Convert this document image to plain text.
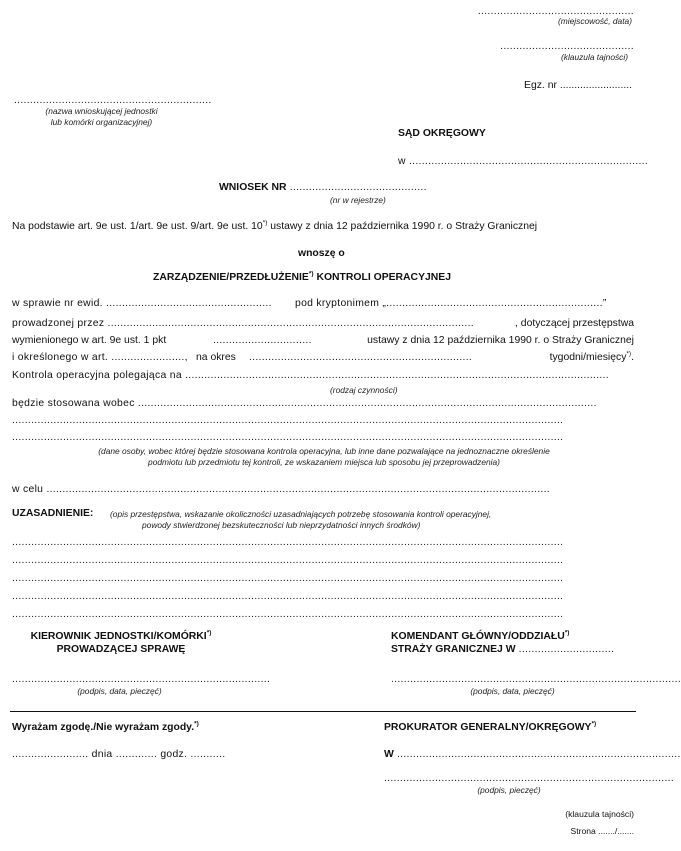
.................................................
(miejscowość, data)
..........................................
(klauzula tajności)
Egz. nr .........................
..............................................................
(nazwa wnioskującej jednostki
lub komórki organizacyjnej)
SĄD OKRĘGOWY
w ...........................................................................
WNIOSEK NR ...........................................
(nr w rejestrze)
Na podstawie art. 9e ust. 1/art. 9e ust. 9/art. 9e ust. 10*) ustawy z dnia 12 października 1990 r. o Straży Granicznej
wnoszę o
ZARZĄDZENIE/PRZEDŁUŻENIE*) KONTROLI OPERACYJNEJ
w sprawie nr ewid. .................................................... pod kryptonimem „....................................................................”
prowadzonej przez ...................................................................................................................	, dotyczącej przestępstwa
wymienionego w art. 9e ust. 1 pkt	...............................	ustawy z dnia 12 października 1990 r. o Straży Granicznej
i określonego w art. ......................., na okres ......................................................................	tygodni/miesięcy*).
Kontrola operacyjna polegająca na .....................................................................................................................................
(rodzaj czynności)
będzie stosowana wobec ................................................................................................................................................
.............................................................................................................................................................................
.............................................................................................................................................................................
(dane osoby, wobec której będzie stosowana kontrola operacyjna, lub inne dane pozwalające na jednoznaczne określenie
podmiotu lub przedmiotu tej kontroli, ze wskazaniem miejsca lub sposobu jej przeprowadzenia)
w celu ..............................................................................................................................................................
UZASADNIENIE: (opis przestępstwa, wskazanie okoliczności uzasadniających potrzebę stosowania kontroli operacyjnej,
powody stwierdzonej bezskuteczności lub nieprzydatności innych środków)
.............................................................................................................................................................................
.............................................................................................................................................................................
.............................................................................................................................................................................
.............................................................................................................................................................................
.............................................................................................................................................................................
KIEROWNIK JEDNOSTKI/KOMÓRKI*)
PROWADZĄCEJ SPRAWĘ
.................................................................................
(podpis, data, pieczęć)
KOMENDANT GŁÓWNY/ODDZIAŁU*)
STRAŻY GRANICZNEJ W ..............................
...........................................................................................
(podpis, data, pieczęć)
Wyrażam zgodę./Nie wyrażam zgody.*)
........................ dnia ............. godz. ...........
PROKURATOR GENERALNY/OKRĘGOWY*)
W .........................................................................................
...........................................................................................
(podpis, pieczęć)
(klauzula tajności)
Strona ......./.......
